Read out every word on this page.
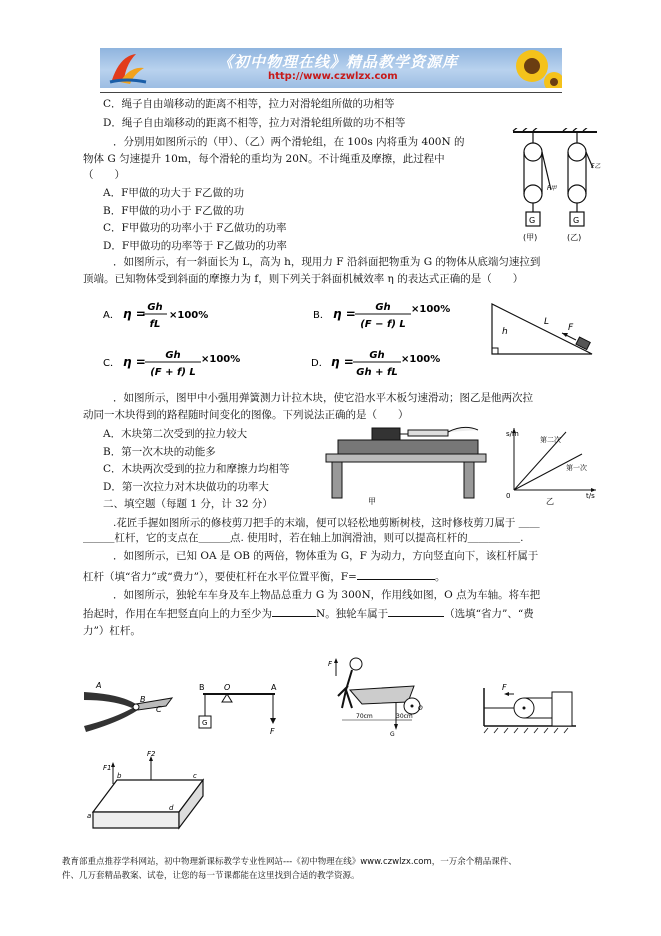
《初中物理在线》精品教学资源库
http://www.czwlzx.com
C．绳子自由端移动的距离不相等，拉力对滑轮组所做的功相等
D．绳子自由端移动的距离不相等，拉力对滑轮组所做的功不相等
．分别用如图所示的（甲）、（乙）两个滑轮组，在 100s 内将重为 400N 的
物体 G 匀速提升 10m，每个滑轮的重均为 20N。不计绳重及摩擦，此过程中
（　　）
A．F甲做的功大于 F乙做的功
B．F甲做的功小于 F乙做的功
C．F甲做功的功率小于 F乙做功的功率
D．F甲做功的功率等于 F乙做功的功率
G	G
(甲)	(乙)
F甲
F乙
．如图所示，有一斜面长为 L，高为 h，现用力 F 沿斜面把物重为 G 的物体从底端匀速拉到
顶端。已知物体受到斜面的摩擦力为 f，则下列关于斜面机械效率 η 的表达式正确的是（　　）
A． η = Gh
fL
×100%	B． η = Gh
(F − f) L
×100%
C． η = Gh
(F + f) L
×100%	D． η = Gh
Gh + fL
×100%
h
L
F
．如图所示，图甲中小强用弹簧测力计拉木块，使它沿水平木板匀速滑动；图乙是他两次拉
动同一木块得到的路程随时间变化的图像。下列说法正确的是（　　）
A．木块第二次受到的拉力较大
B．第一次木块的动能多
C．木块两次受到的拉力和摩擦力均相等
D．第一次拉力对木块做功的功率大
甲
s/m
t/s
0
第二次
第一次
乙
二、填空题（每题 1 分，计 32 分）
.花匠手握如图所示的修枝剪刀把手的末端，便可以轻松地剪断树枝，这时修枝剪刀属于 ＿＿
＿＿＿杠杆，它的支点在＿＿＿点. 使用时，若在轴上加润滑油，则可以提高杠杆的＿＿＿＿＿.
．如图所示，已知 OA 是 OB 的两倍，物体重为 G，F 为动力，方向竖直向下，该杠杆属于
杠杆（填“省力”或“费力”），要使杠杆在水平位置平衡，F=	。
．如图所示，独轮车车身及车上物品总重力 G 为 300N，作用线如图，O 点为车轴。将车把
抬起时，作用在车把竖直向上的力至少为	N。独轮车属于	（选填“省力”、“费
力”）杠杆。
A
B
C
B O	A
G
F
F
70cm	30cm
O
G
F
F1
F2
a
b	c
d
教育部重点推荐学科网站，初中物理新课标教学专业性网站---《初中物理在线》www.czwlzx.com，一万余个精品课件、
件、几万套精品教案、试卷，让您的每一节课都能在这里找到合适的教学资源。
